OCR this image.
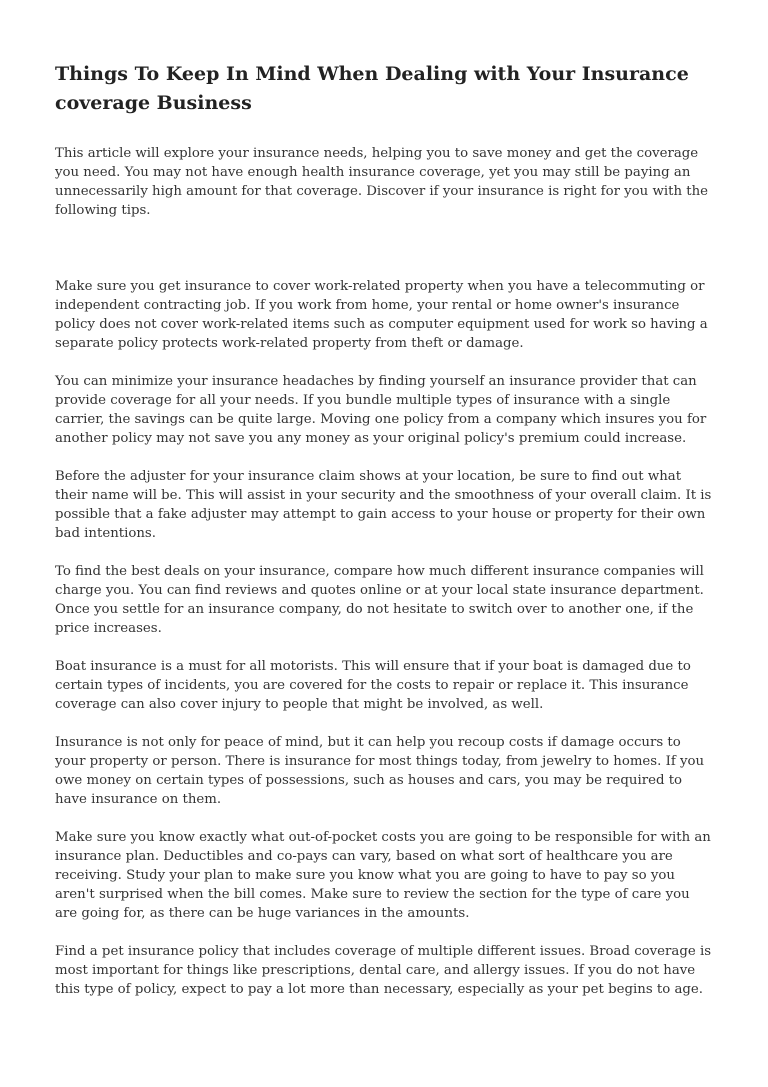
Things To Keep In Mind When Dealing with Your Insurance coverage Business

This article will explore your insurance needs, helping you to save money and get the coverage you need. You may not have enough health insurance coverage, yet you may still be paying an unnecessarily high amount for that coverage. Discover if your insurance is right for you with the following tips.

Make sure you get insurance to cover work-related property when you have a telecommuting or independent contracting job. If you work from home, your rental or home owner's insurance policy does not cover work-related items such as computer equipment used for work so having a separate policy protects work-related property from theft or damage.

You can minimize your insurance headaches by finding yourself an insurance provider that can provide coverage for all your needs. If you bundle multiple types of insurance with a single carrier, the savings can be quite large. Moving one policy from a company which insures you for another policy may not save you any money as your original policy's premium could increase.

Before the adjuster for your insurance claim shows at your location, be sure to find out what their name will be. This will assist in your security and the smoothness of your overall claim. It is possible that a fake adjuster may attempt to gain access to your house or property for their own bad intentions.

To find the best deals on your insurance, compare how much different insurance companies will charge you. You can find reviews and quotes online or at your local state insurance department. Once you settle for an insurance company, do not hesitate to switch over to another one, if the price increases.

Boat insurance is a must for all motorists. This will ensure that if your boat is damaged due to certain types of incidents, you are covered for the costs to repair or replace it. This insurance coverage can also cover injury to people that might be involved, as well.

Insurance is not only for peace of mind, but it can help you recoup costs if damage occurs to your property or person. There is insurance for most things today, from jewelry to homes. If you owe money on certain types of possessions, such as houses and cars, you may be required to have insurance on them.

Make sure you know exactly what out-of-pocket costs you are going to be responsible for with an insurance plan. Deductibles and co-pays can vary, based on what sort of healthcare you are receiving. Study your plan to make sure you know what you are going to have to pay so you aren't surprised when the bill comes. Make sure to review the section for the type of care you are going for, as there can be huge variances in the amounts.

Find a pet insurance policy that includes coverage of multiple different issues. Broad coverage is most important for things like prescriptions, dental care, and allergy issues. If you do not have this type of policy, expect to pay a lot more than necessary, especially as your pet begins to age.
